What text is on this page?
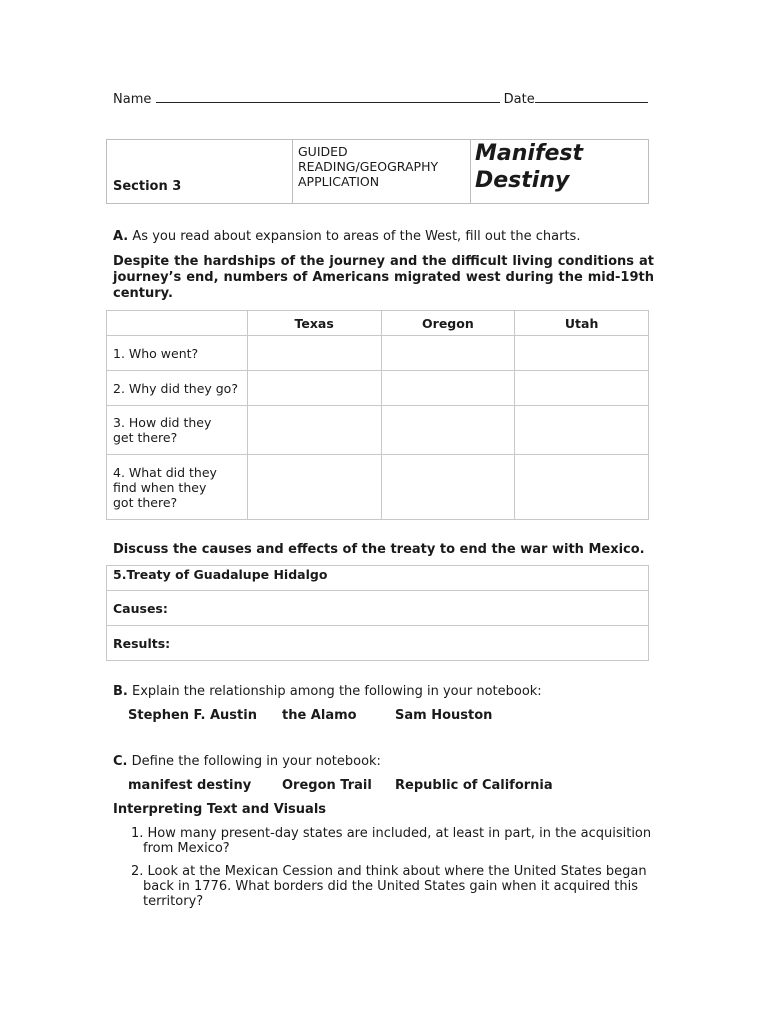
Name	Date
Section 3
GUIDED READING/GEOGRAPHY APPLICATION
Manifest
Destiny
A. As you read about expansion to areas of the West, fill out the charts.
Despite the hardships of the journey and the difficult living conditions at journey’s end, numbers of Americans migrated west during the mid-19th century.
	Texas	Oregon	Utah
1. Who went?			
2. Why did they go?			
3. How did they get there?			
4. What did they find when they got there?			
Discuss the causes and effects of the treaty to end the war with Mexico.
5.Treaty of Guadalupe Hidalgo
Causes:
Results:
B. Explain the relationship among the following in your notebook:
Stephen F. Austin the Alamo	Sam Houston
C. Define the following in your notebook:
manifest destiny Oregon Trail Republic of California
Interpreting Text and Visuals
1. How many present-day states are included, at least in part, in the acquisition from Mexico?
2. Look at the Mexican Cession and think about where the United States began back in 1776. What borders did the United States gain when it acquired this territory?
